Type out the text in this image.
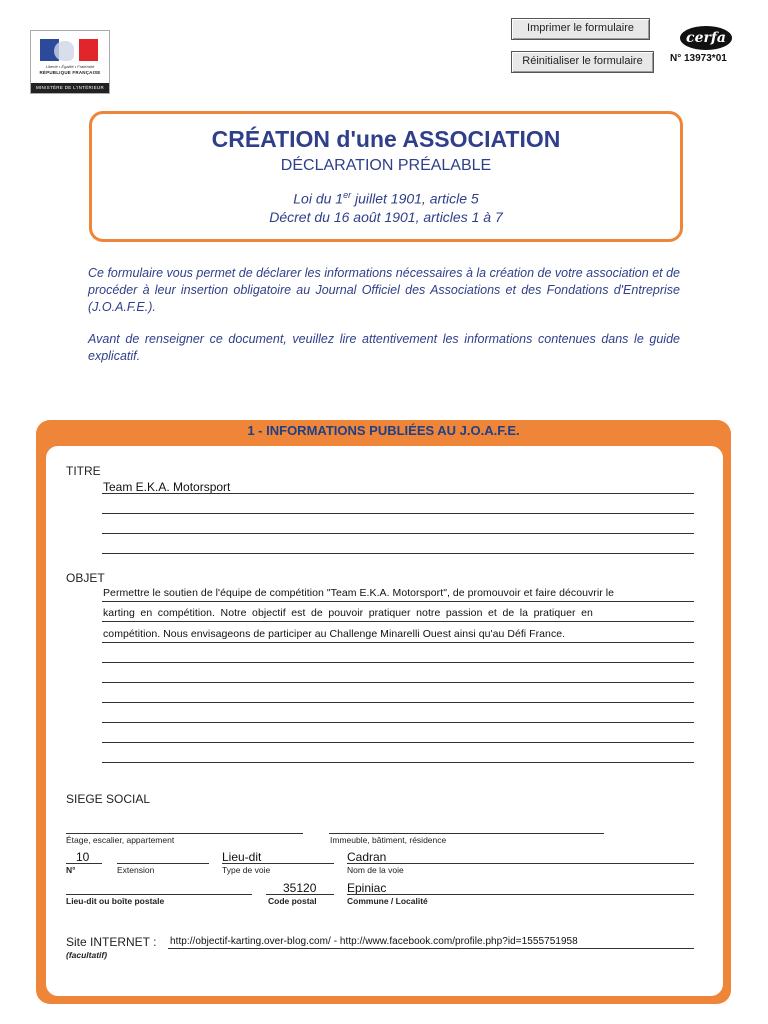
Liberté • Égalité • Fraternité
RÉPUBLIQUE FRANÇAISE
MINISTÈRE DE L'INTÉRIEUR
Imprimer le formulaire
Réinitialiser le formulaire
cerfa
N° 13973*01
CRÉATION d'une ASSOCIATION
DÉCLARATION PRÉALABLE
Loi du 1er juillet 1901, article 5
Décret du 16 août 1901, articles 1 à 7
Ce formulaire vous permet de déclarer les informations nécessaires à la création de votre association et de procéder à leur insertion obligatoire au Journal Officiel des Associations et des Fondations d'Entreprise (J.O.A.F.E.).
Avant de renseigner ce document, veuillez lire attentivement les informations contenues dans le guide explicatif.
1 - INFORMATIONS PUBLIÉES AU J.O.A.F.E.
TITRE
Team E.K.A. Motorsport
OBJET
Permettre le soutien de l'équipe de compétition "Team E.K.A. Motorsport", de promouvoir et faire découvrir le
karting en compétition. Notre objectif est de pouvoir pratiquer notre passion et de la pratiquer en
compétition. Nous envisageons de participer au Challenge Minarelli Ouest ainsi qu'au Défi France.
SIEGE SOCIAL
Étage, escalier, appartement	Immeuble, bâtiment, résidence
10
N°	Extension
Lieu-dit
Type de voie
Cadran
Nom de la voie
Lieu-dit ou boîte postale
35120
Code postal
Epiniac
Commune / Localité
Site INTERNET : http://objectif-karting.over-blog.com/ - http://www.facebook.com/profile.php?id=1555751958
(facultatif)
